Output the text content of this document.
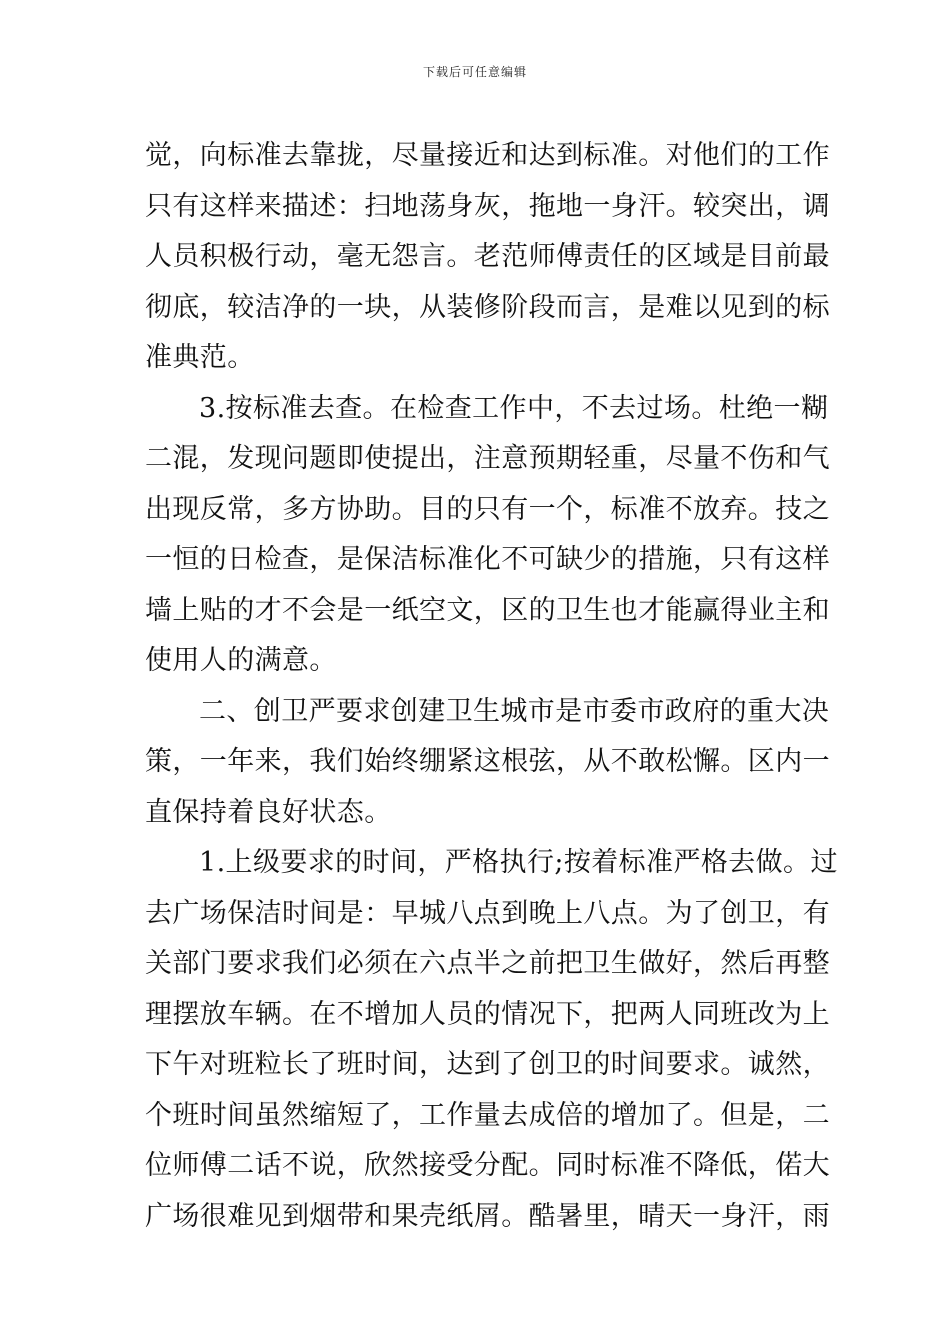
下载后可任意编辑
觉，向标准去靠拢，尽量接近和达到标准。对他们的工作
只有这样来描述：扫地荡身灰，拖地一身汗。较突出，调
人员积极行动，毫无怨言。老范师傅责任的区域是目前最
彻底，较洁净的一块，从装修阶段而言，是难以见到的标
准典范。
3.按标准去查。在检查工作中，不去过场。杜绝一糊
二混，发现问题即使提出，注意预期轻重，尽量不伤和气
出现反常，多方协助。目的只有一个，标准不放弃。技之
一恒的日检查，是保洁标准化不可缺少的措施，只有这样
墙上贴的才不会是一纸空文，区的卫生也才能赢得业主和
使用人的满意。
二、创卫严要求创建卫生城市是市委市政府的重大决
策，一年来，我们始终绷紧这根弦，从不敢松懈。区内一
直保持着良好状态。
1.上级要求的时间，严格执行;按着标准严格去做。过
去广场保洁时间是：早城八点到晚上八点。为了创卫，有
关部门要求我们必须在六点半之前把卫生做好，然后再整
理摆放车辆。在不增加人员的情况下，把两人同班改为上
下午对班粒长了班时间，达到了创卫的时间要求。诚然，
个班时间虽然缩短了，工作量去成倍的增加了。但是，二
位师傅二话不说，欣然接受分配。同时标准不降低，偌大
广场很难见到烟带和果壳纸屑。酷暑里，晴天一身汗，雨
